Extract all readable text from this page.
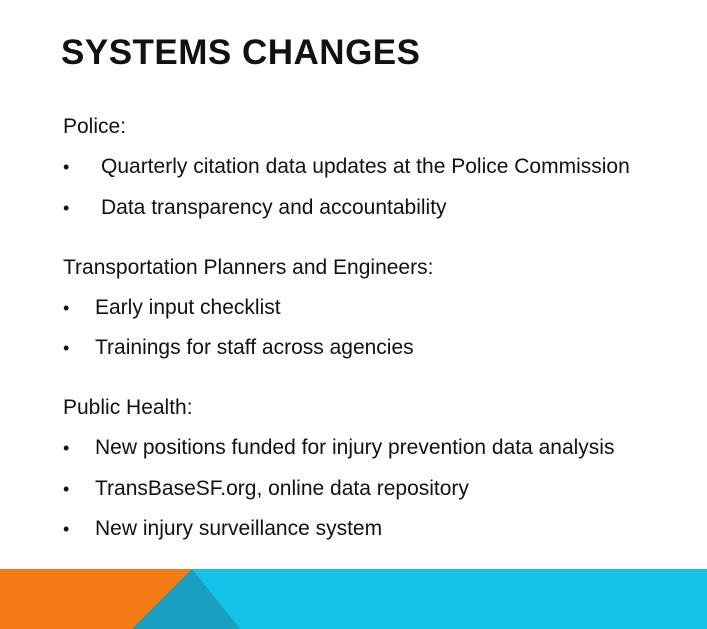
SYSTEMS CHANGES
Police:
• Quarterly citation data updates at the Police Commission
• Data transparency and accountability
Transportation Planners and Engineers:
• Early input checklist
• Trainings for staff across agencies
Public Health:
• New positions funded for injury prevention data analysis
• TransBaseSF.org, online data repository
• New injury surveillance system
